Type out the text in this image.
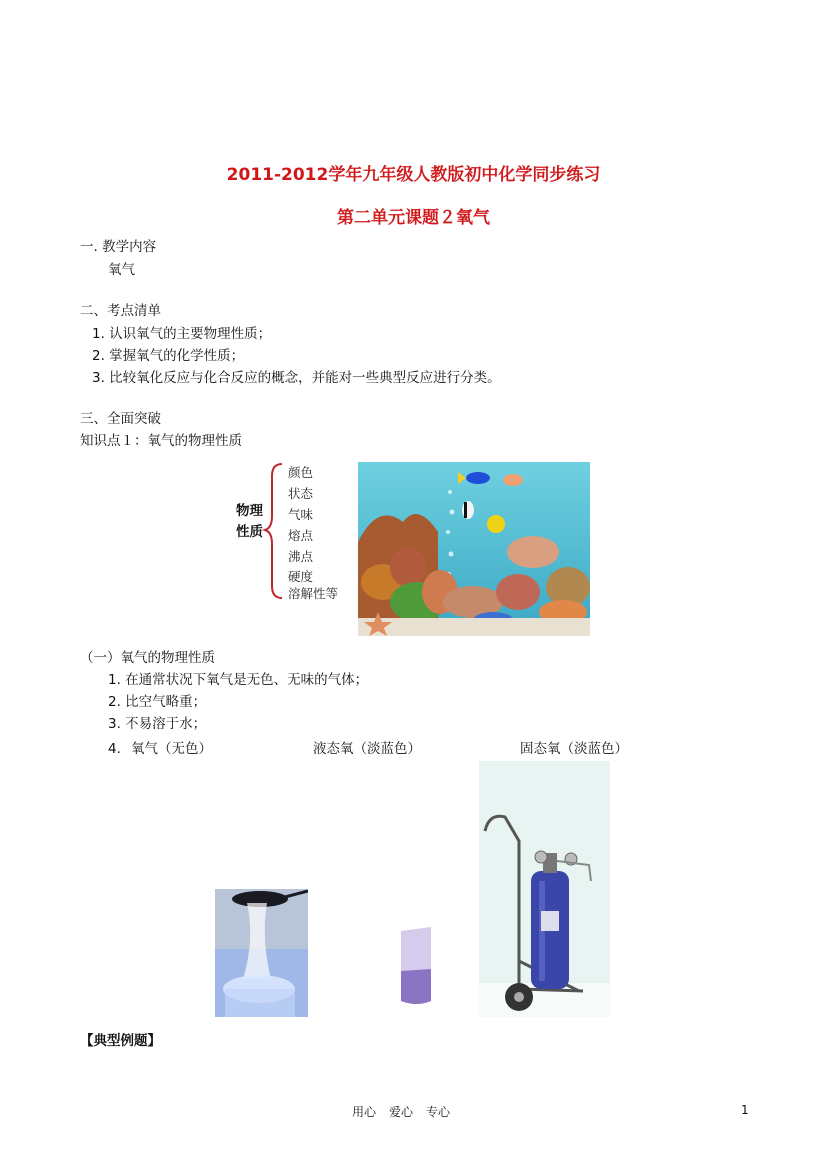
2011-2012学年九年级人教版初中化学同步练习
第二单元课题２氧气
一. 教学内容
氧气
二、考点清单
1. 认识氧气的主要物理性质；
2. 掌握氧气的化学性质；
3. 比较氧化反应与化合反应的概念，并能对一些典型反应进行分类。
三、全面突破
知识点１：氧气的物理性质
物理
性质
颜色
状态
气味
熔点
沸点
硬度
溶解性等
（一）氧气的物理性质
1. 在通常状况下氧气是无色、无味的气体；
2. 比空气略重；
3. 不易溶于水；
4. 氧气（无色）	液态氧（淡蓝色）	固态氧（淡蓝色）
【典型例题】
用心 爱心 专心	1
